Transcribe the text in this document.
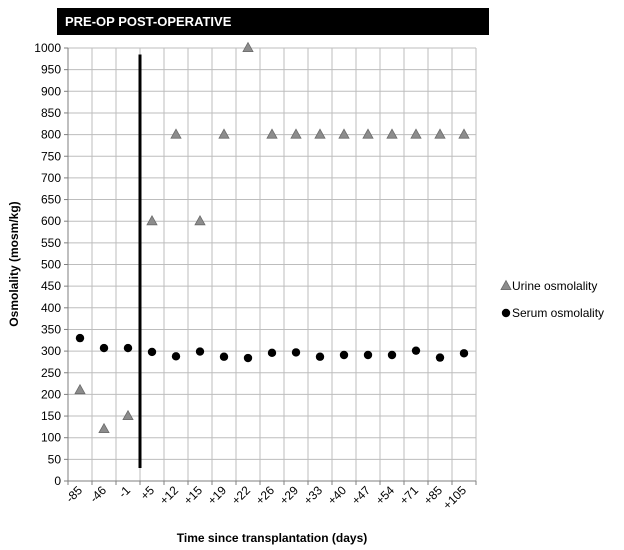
PRE-OP POST-OPERATIVE
0
50
100
150
200
250
300
350
400
450
500
550
600
650
700
750
800
850
900
950
1000
-85 -46 -1 +5 +12 +15 +19 +22 +26 +29 +33 +40 +47 +54 +71 +85
+105
Osmolality (mosm/kg)
Time since transplantation (days)
Urine osmolality
Serum osmolality
